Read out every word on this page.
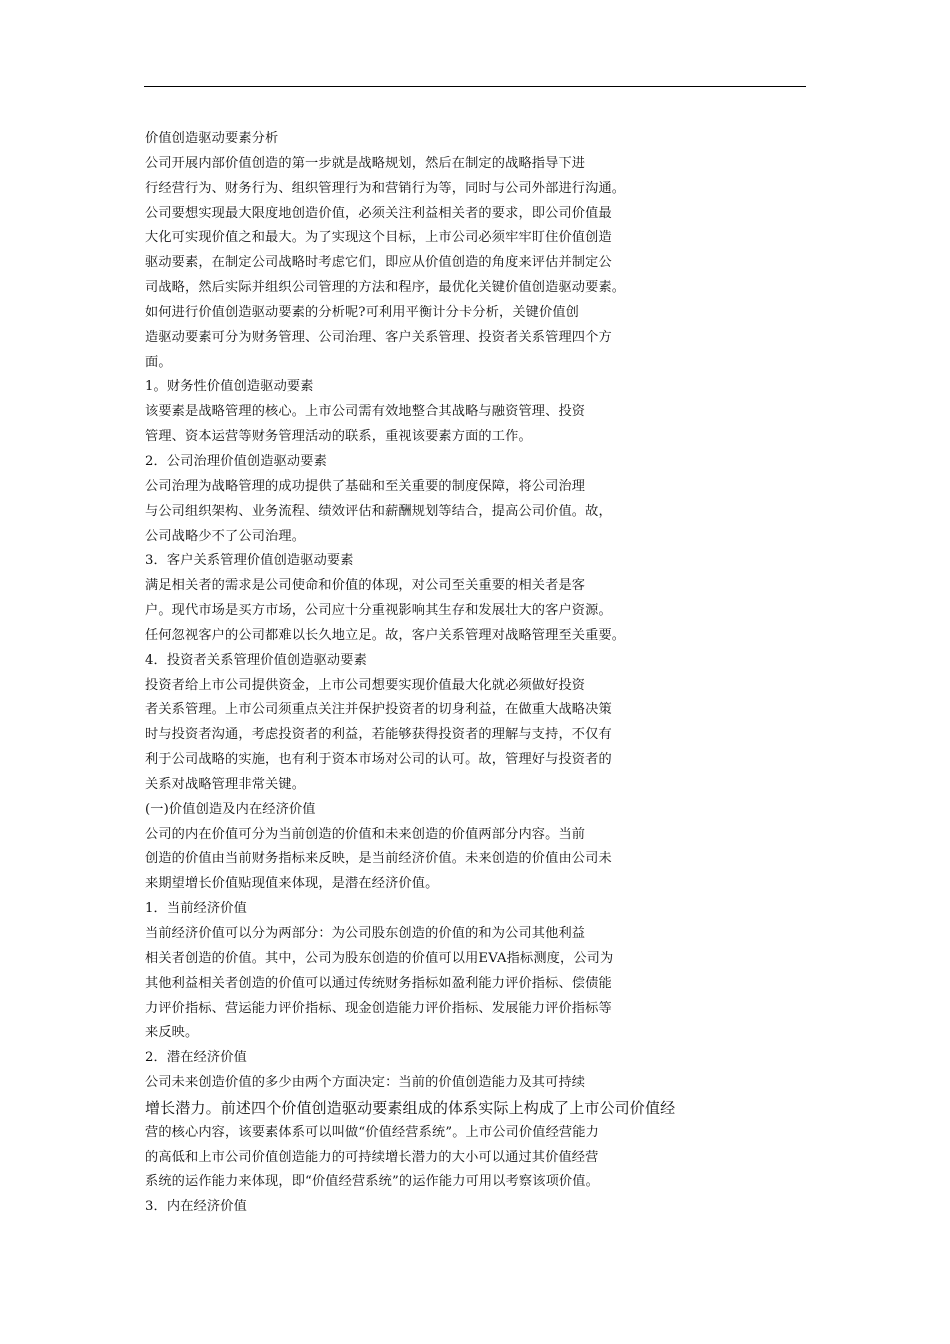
价值创造驱动要素分析
公司开展内部价值创造的第一步就是战略规划，然后在制定的战略指导下进
行经营行为、财务行为、组织管理行为和营销行为等，同时与公司外部进行沟通。
公司要想实现最大限度地创造价值，必须关注利益相关者的要求，即公司价值最
大化可实现价值之和最大。为了实现这个目标，上市公司必须牢牢盯住价值创造
驱动要素，在制定公司战略时考虑它们，即应从价值创造的角度来评估并制定公
司战略，然后实际并组织公司管理的方法和程序，最优化关键价值创造驱动要素。
如何进行价值创造驱动要素的分析呢?可利用平衡计分卡分析，关键价值创
造驱动要素可分为财务管理、公司治理、客户关系管理、投资者关系管理四个方
面。
1。财务性价值创造驱动要素
该要素是战略管理的核心。上市公司需有效地整合其战略与融资管理、投资
管理、资本运营等财务管理活动的联系，重视该要素方面的工作。
2．公司治理价值创造驱动要素
公司治理为战略管理的成功提供了基础和至关重要的制度保障，将公司治理
与公司组织架构、业务流程、绩效评估和薪酬规划等结合，提高公司价值。故，
公司战略少不了公司治理。
3．客户关系管理价值创造驱动要素
满足相关者的需求是公司使命和价值的体现，对公司至关重要的相关者是客
户。现代市场是买方市场，公司应十分重视影响其生存和发展壮大的客户资源。
任何忽视客户的公司都难以长久地立足。故，客户关系管理对战略管理至关重要。
4．投资者关系管理价值创造驱动要素
投资者给上市公司提供资金，上市公司想要实现价值最大化就必须做好投资
者关系管理。上市公司须重点关注并保护投资者的切身利益，在做重大战略决策
时与投资者沟通，考虑投资者的利益，若能够获得投资者的理解与支持，不仅有
利于公司战略的实施，也有利于资本市场对公司的认可。故，管理好与投资者的
关系对战略管理非常关键。
(一)价值创造及内在经济价值
公司的内在价值可分为当前创造的价值和未来创造的价值两部分内容。当前
创造的价值由当前财务指标来反映，是当前经济价值。未来创造的价值由公司未
来期望增长价值贴现值来体现，是潜在经济价值。
1．当前经济价值
当前经济价值可以分为两部分：为公司股东创造的价值的和为公司其他利益
相关者创造的价值。其中，公司为股东创造的价值可以用EVA指标测度，公司为
其他利益相关者创造的价值可以通过传统财务指标如盈利能力评价指标、偿债能
力评价指标、营运能力评价指标、现金创造能力评价指标、发展能力评价指标等
来反映。
2．潜在经济价值
公司未来创造价值的多少由两个方面决定：当前的价值创造能力及其可持续
增长潜力。前述四个价值创造驱动要素组成的体系实际上构成了上市公司价值经
营的核心内容，该要素体系可以叫做“价值经营系统”。上市公司价值经营能力
的高低和上市公司价值创造能力的可持续增长潜力的大小可以通过其价值经营
系统的运作能力来体现，即“价值经营系统”的运作能力可用以考察该项价值。
3．内在经济价值
